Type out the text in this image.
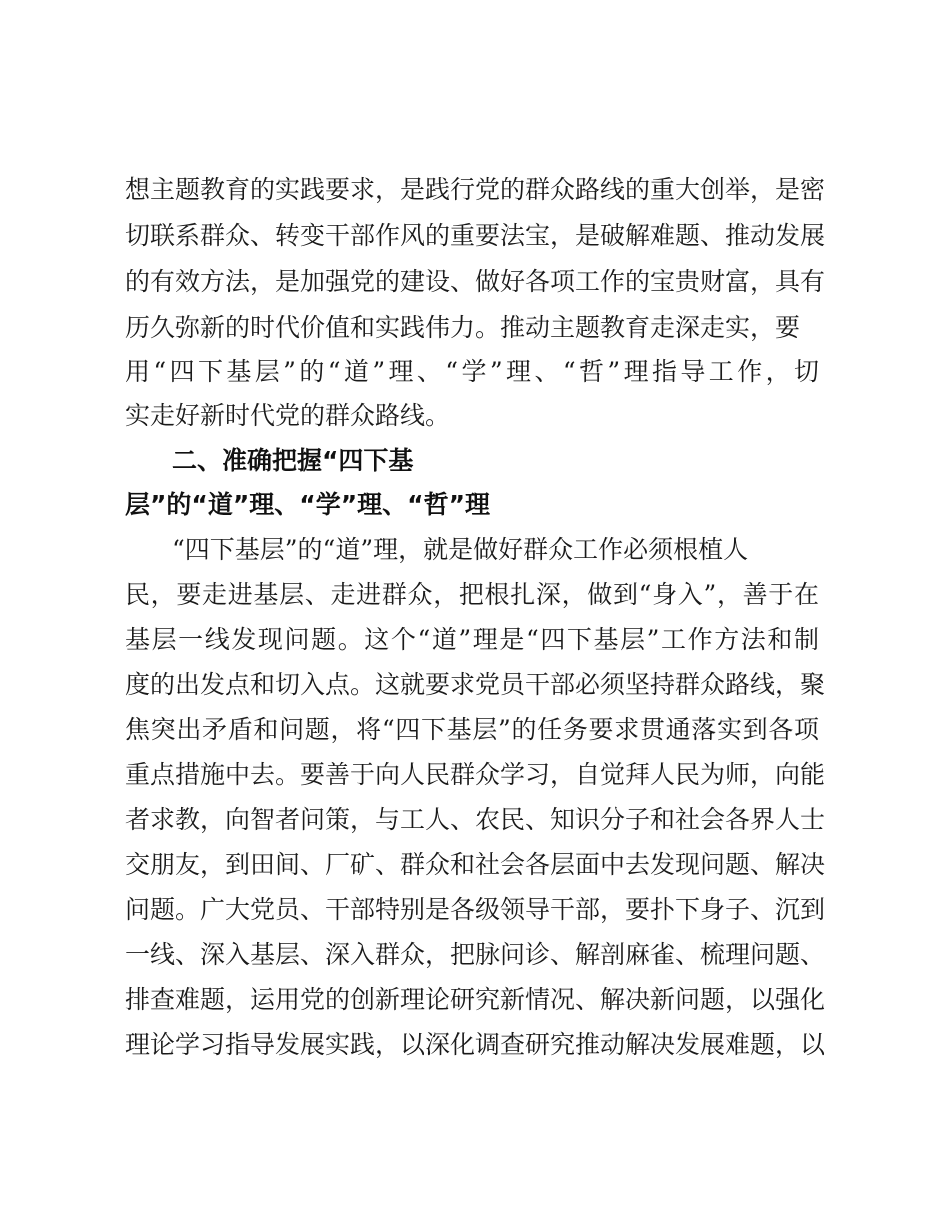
想主题教育的实践要求，是践行党的群众路线的重大创举，是密
切联系群众、转变干部作风的重要法宝，是破解难题、推动发展
的有效方法，是加强党的建设、做好各项工作的宝贵财富，具有
历久弥新的时代价值和实践伟力。推动主题教育走深走实，要
用“四下基层”的“道”理、“学”理、“哲”理指导工作，切
实走好新时代党的群众路线。
二、准确把握“四下基
层”的“道”理、“学”理、“哲”理
“四下基层”的“道”理，就是做好群众工作必须根植人
民，要走进基层、走进群众，把根扎深，做到“身入”，善于在
基层一线发现问题。这个“道”理是“四下基层”工作方法和制
度的出发点和切入点。这就要求党员干部必须坚持群众路线，聚
焦突出矛盾和问题，将“四下基层”的任务要求贯通落实到各项
重点措施中去。要善于向人民群众学习，自觉拜人民为师，向能
者求教，向智者问策，与工人、农民、知识分子和社会各界人士
交朋友，到田间、厂矿、群众和社会各层面中去发现问题、解决
问题。广大党员、干部特别是各级领导干部，要扑下身子、沉到
一线、深入基层、深入群众，把脉问诊、解剖麻雀、梳理问题、
排查难题，运用党的创新理论研究新情况、解决新问题，以强化
理论学习指导发展实践，以深化调查研究推动解决发展难题，以
